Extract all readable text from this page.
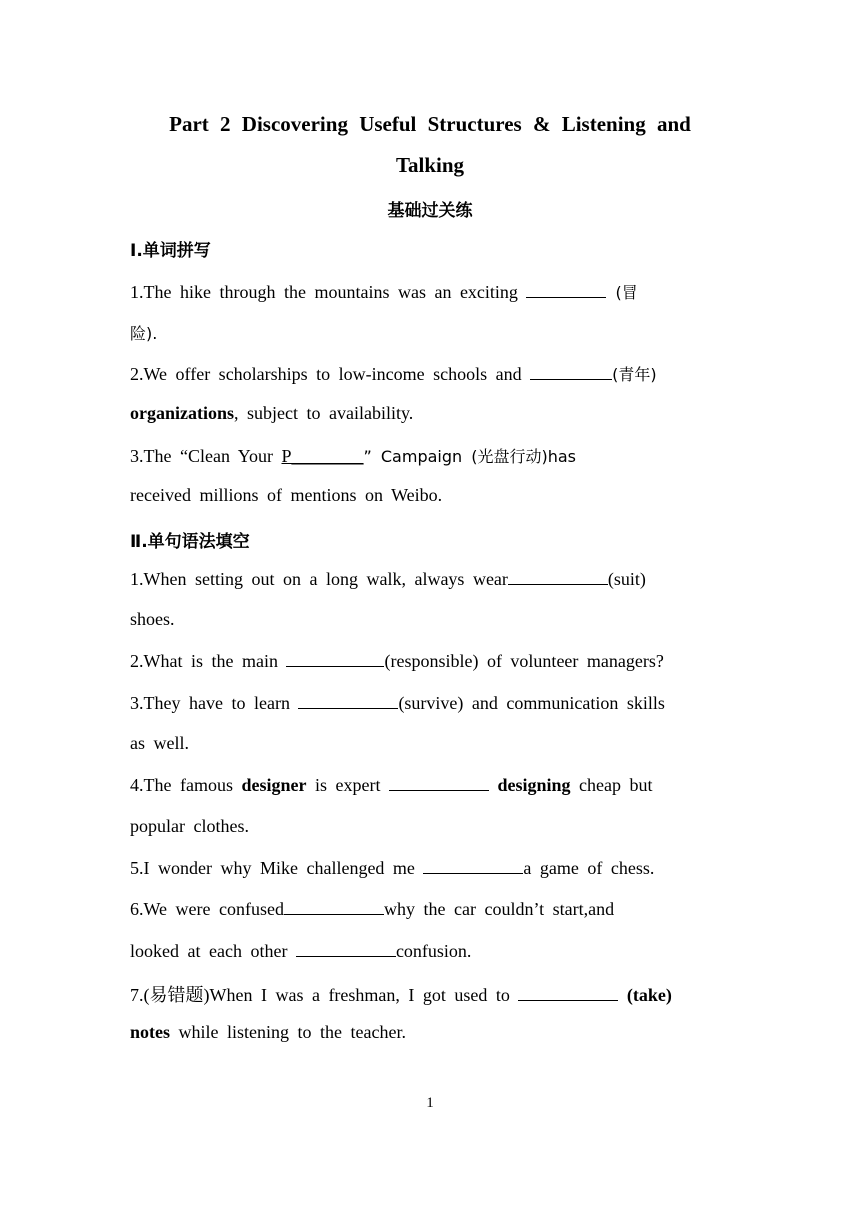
Part 2 Discovering Useful Structures & Listening and
Talking
基础过关练
Ⅰ.单词拼写
1.The hike through the mountains was an exciting	(冒
险).
2.We offer scholarships to low-income schools and	(青年)
organizations, subject to availability.
3.The “Clean Your P________” Campaign (光盘行动)has
received millions of mentions on Weibo.
Ⅱ.单句语法填空
1.When setting out on a long walk, always wear	(suit)
shoes.
2.What is the main	(responsible) of volunteer managers?
3.They have to learn	(survive) and communication skills
as well.
4.The famous designer is expert	designing cheap but
popular clothes.
5.I wonder why Mike challenged me	a game of chess.
6.We were confused	why the car couldn’t start,and
looked at each other	confusion.
7.(易错题)When I was a freshman, I got used to	(take)
notes while listening to the teacher.
1
